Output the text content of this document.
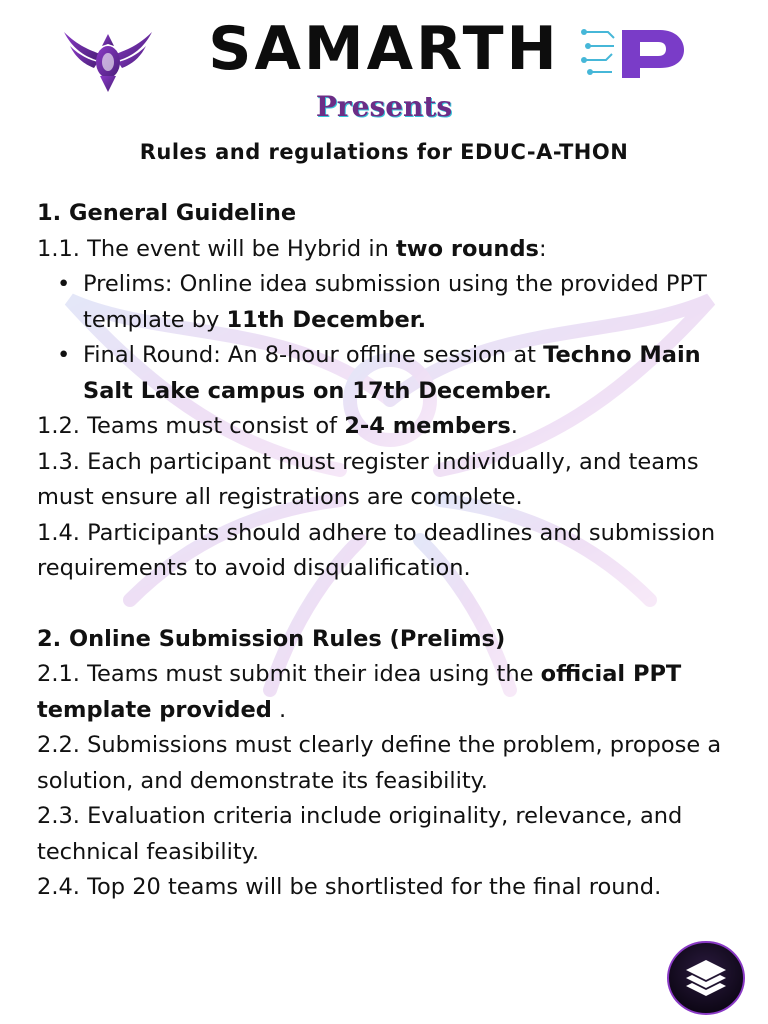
SAMARTH
Presents
Rules and regulations for EDUC-A-THON

1. General Guideline

1.1. The event will be Hybrid in two rounds:

• Prelims: Online idea submission using the provided PPT template by 11th December.
• Final Round: An 8-hour offline session at Techno Main Salt Lake campus on 17th December.

1.2. Teams must consist of 2-4 members.

1.3. Each participant must register individually, and teams must ensure all registrations are complete.

1.4. Participants should adhere to deadlines and submission requirements to avoid disqualification.

2. Online Submission Rules (Prelims)

2.1. Teams must submit their idea using the official PPT template provided .

2.2. Submissions must clearly define the problem, propose a solution, and demonstrate its feasibility.

2.3. Evaluation criteria include originality, relevance, and technical feasibility.

2.4. Top 20 teams will be shortlisted for the final round.
